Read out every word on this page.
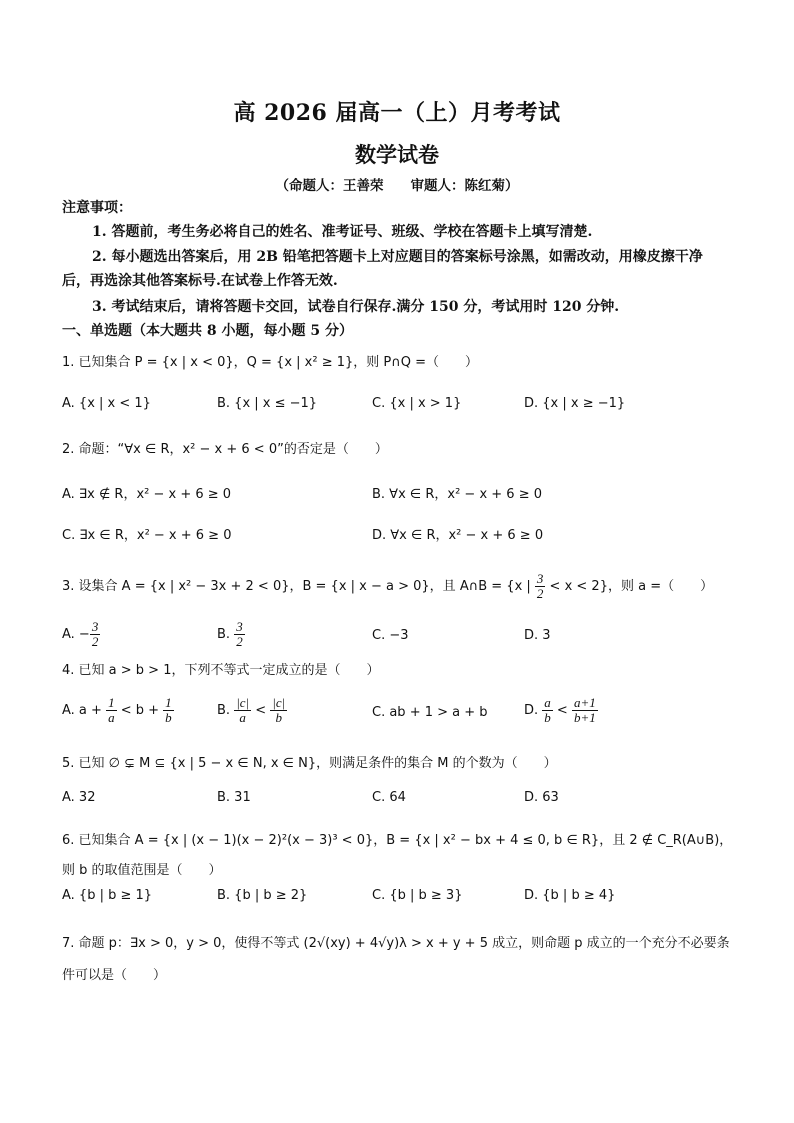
高 2026 届高一（上）月考考试
数学试卷
（命题人：王善荣　　审题人：陈红菊）
注意事项：
1. 答题前，考生务必将自己的姓名、准考证号、班级、学校在答题卡上填写清楚.
2. 每小题选出答案后，用 2B 铅笔把答题卡上对应题目的答案标号涂黑，如需改动，用橡皮擦干净后，再选涂其他答案标号.在试卷上作答无效.
3. 考试结束后，请将答题卡交回，试卷自行保存.满分 150 分，考试用时 120 分钟.
一、单选题（本大题共 8 小题，每小题 5 分）
1. 已知集合 P = {x | x < 0}，Q = {x | x² ≥ 1}，则 P∩Q =（　　）
A. {x | x < 1}	B. {x | x ≤ −1}	C. {x | x > 1}	D. {x | x ≥ −1}
2. 命题：“∀x ∈ R，x² − x + 6 < 0”的否定是（　　）
A. ∃x ∉ R，x² − x + 6 ≥ 0	B. ∀x ∈ R，x² − x + 6 ≥ 0
C. ∃x ∈ R，x² − x + 6 ≥ 0	D. ∀x ∈ R，x² − x + 6 ≥ 0
3. 设集合 A = {x | x² − 3x + 2 < 0}，B = {x | x − a > 0}，且 A∩B = {x | $\frac{3}{2} < x < 2$}，则 a =（　　）
A. − $\frac{3}{2}$	B. $\frac{3}{2}$	C. −3	D. 3
4. 已知 a > b > 1，下列不等式一定成立的是（　　）
A. $a + \frac{1}{a} < b + \frac{1}{b}$	B. $\frac{|c|}{a} < \frac{|c|}{b}$	C. ab + 1 > a + b	D. $\frac{a}{b} < \frac{a+1}{b+1}$
5. 已知 ∅ ⊊ M ⊆ {x | 5 − x ∈ N, x ∈ N}，则满足条件的集合 M 的个数为（　　）
A. 32	B. 31	C. 64	D. 63
6. 已知集合 A = {x | (x − 1)(x − 2)²(x − 3)³ < 0}，B = {x | x² − bx + 4 ≤ 0, b ∈ R}，且 2 ∉ C_R(A∪B)，则 b 的取值范围是（　　）
A. {b | b ≥ 1}	B. {b | b ≥ 2}	C. {b | b ≥ 3}	D. {b | b ≥ 4}
7. 命题 p：∃x > 0，y > 0，使得不等式 (2√(xy) + 4√y)λ > x + y + 5 成立，则命题 p 成立的一个充分不必要条件可以是（　　）
